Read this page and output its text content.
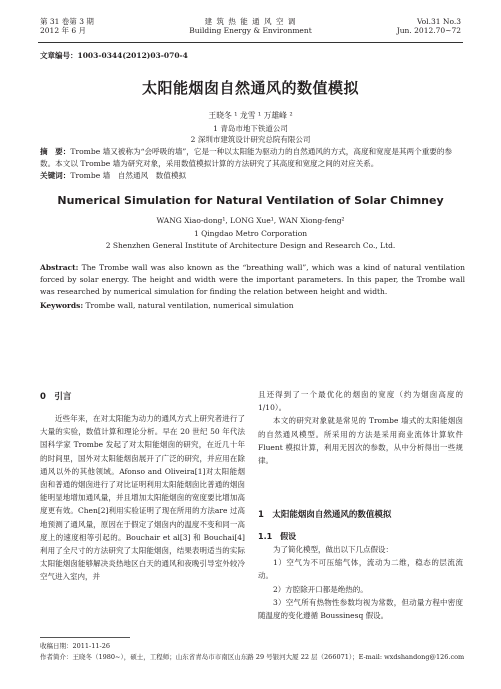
第 31 卷第 3 期
2012 年 6 月
建 筑 热 能 通 风 空 调
Building Energy & Environment
Vol.31 No.3
Jun. 2012.70~72
文章编号：1003-0344(2012)03-070-4
太阳能烟囱自然通风的数值模拟
王晓冬 ¹ 龙雪 ¹ 万雄峰 ²
1 青岛市地下铁道公司
2 深圳市建筑设计研究总院有限公司
摘　要：Trombe 墙又被称为“会呼吸的墙”，它是一种以太阳能为驱动力的自然通风的方式，高度和宽度是其两个重要的参数。本文以 Trombe 墙为研究对象，采用数值模拟计算的方法研究了其高度和宽度之间的对应关系。
关键词：Trombe 墙　自然通风　数值模拟
Numerical Simulation for Natural Ventilation of Solar Chimney
WANG Xiao-dong¹, LONG Xue¹, WAN Xiong-feng²
1 Qingdao Metro Corporation
2 Shenzhen General Institute of Architecture Design and Research Co., Ltd.
Abstract: The Trombe wall was also known as the “breathing wall”, which was a kind of natural ventilation forced by solar energy. The height and width were the important parameters. In this paper, the Trombe wall was researched by numerical simulation for finding the relation between height and width.
Keywords: Trombe wall, natural ventilation, numerical simulation
0　引言

近些年来，在对太阳能为动力的通风方式上研究者进行了大量的实验，数值计算和理论分析。早在 20 世纪 50 年代法国科学家 Trombe 发起了对太阳能烟囱的研究，在近几十年的时间里，国外对太阳能烟囱展开了广泛的研究，并应用在除通风以外的其他领域。Afonso and Oliveira[1]对太阳能烟囱和普通的烟囱进行了对比证明利用太阳能烟囱比普通的烟囱能明显地增加通风量，并且增加太阳能烟囱的宽度要比增加高度更有效。Chen[2]利用实验证明了现在所用的方法are 过高地预测了通风量，原因在于假定了烟囱内的温度不变和同一高度上的速度相等引起的。Bouchair et al[3] 和 Bouchai[4]利用了全尺寸的方法研究了太阳能烟囱，结果表明适当的实际太阳能烟囱能够解决炎热地区白天的通风和夜晚引导室外较冷空气进入室内，并

且还得到了一个最优化的烟囱的宽度（约为烟囱高度的 1/10）。

本文的研究对象就是常见的 Trombe 墙式的太阳能烟囱的自然通风模型。所采用的方法是采用商业流体计算软件 Fluent 模拟计算，利用无因次的参数，从中分析得出一些规律。

1　太阳能烟囱自然通风的数值模拟
1.1　假设

为了简化模型，做出以下几点假设：

1）空气为不可压缩气体，流动为二维，稳态的层流流动。

2）方腔除开口都是绝热的。

3）空气所有热物性参数均视为常数，但动量方程中密度随温度的变化遵循 Boussinesq 假设。

收稿日期：2011-11-26
作者简介：王晓冬（1980~），硕士，工程师；山东省青岛市市南区山东路 29 号银河大厦 22 层（266071）；E-mail: wxdshandong@126.com
